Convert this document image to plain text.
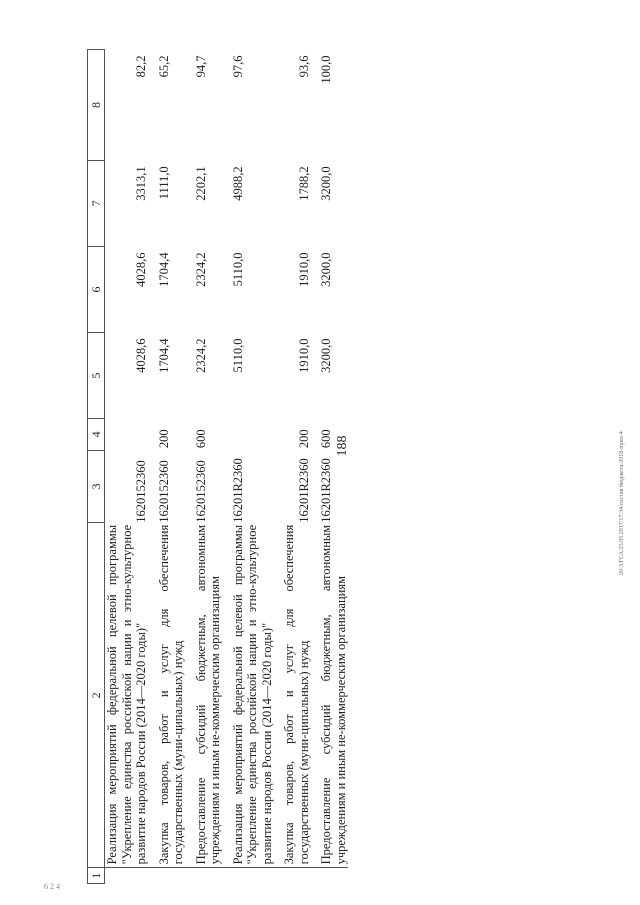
188	20-3/ГСА/23.05.2017/17:34/состав бюджета-2018-прил-4
6 2 4
1	2	3	4	5	6	7	8
	Реализация мероприятий федеральной целевой программы "Укрепление единства российской нации и этно-культурное развитие народов России (2014—2020 годы)"	1620152360		4028,6	4028,6	3313,1	82,2

	Закупка товаров, работ и услуг для обеспечения государственных (муни-ципальных) нужд	1620152360	200	1704,4	1704,4	1111,0	65,2

	Предоставление субсидий бюджетным, автономным учреждениям и иным не-коммерческим организациям	1620152360	600	2324,2	2324,2	2202,1	94,7

	Реализация мероприятий федеральной целевой программы "Укрепление единства российской нации и этно-культурное развитие народов России (2014—2020 годы)"	16201R2360		5110,0	5110,0	4988,2	97,6

	Закупка товаров, работ и услуг для обеспечения государственных (муни-ципальных) нужд	16201R2360	200	1910,0	1910,0	1788,2	93,6

	Предоставление субсидий бюджетным, автономным учреждениям и иным не-коммерческим организациям	16201R2360	600	3200,0	3200,0	3200,0	100,0
